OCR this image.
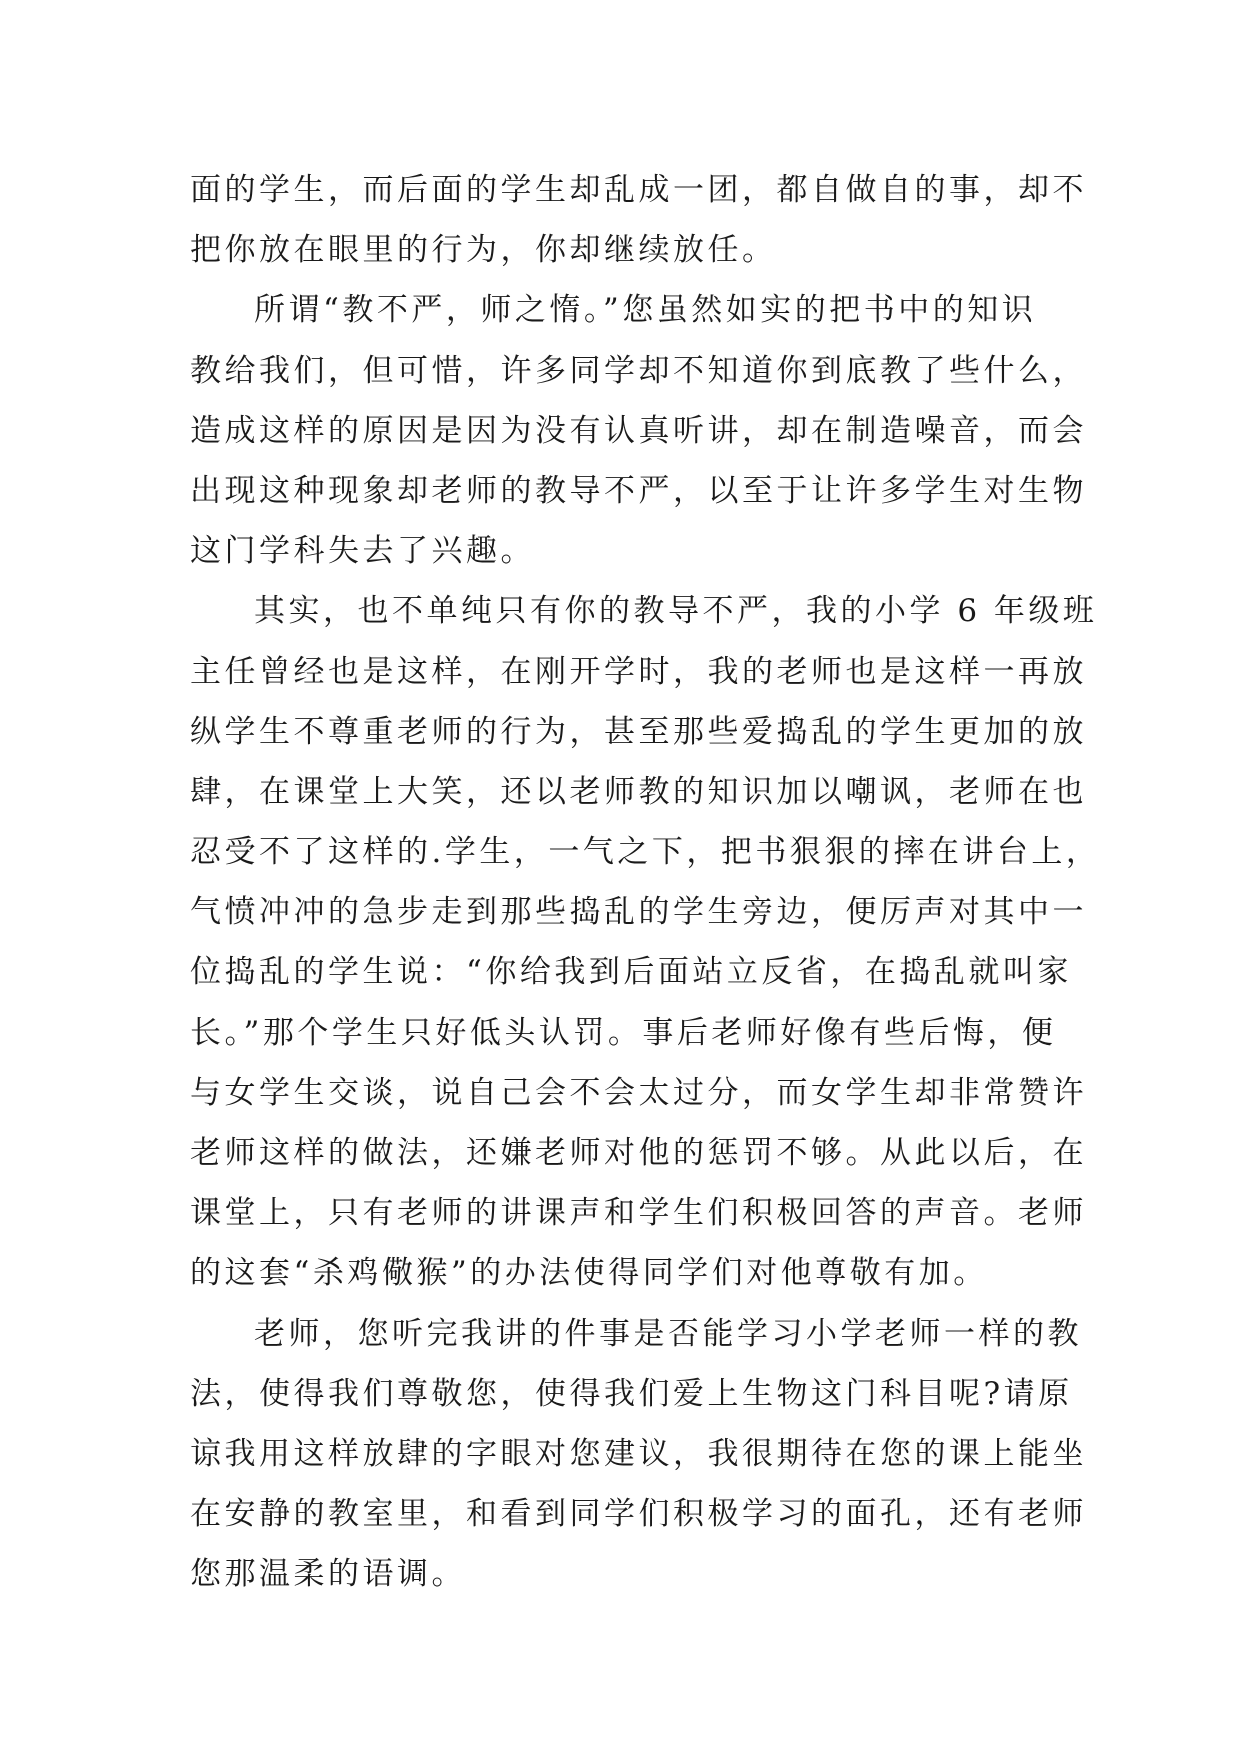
面的学生，而后面的学生却乱成一团，都自做自的事，却不
把你放在眼里的行为，你却继续放任。
所谓“教不严，师之惰。”您虽然如实的把书中的知识
教给我们，但可惜，许多同学却不知道你到底教了些什么，
造成这样的原因是因为没有认真听讲，却在制造噪音，而会
出现这种现象却老师的教导不严，以至于让许多学生对生物
这门学科失去了兴趣。
其实，也不单纯只有你的教导不严，我的小学 6 年级班
主任曾经也是这样，在刚开学时，我的老师也是这样一再放
纵学生不尊重老师的行为，甚至那些爱捣乱的学生更加的放
肆，在课堂上大笑，还以老师教的知识加以嘲讽，老师在也
忍受不了这样的.学生，一气之下，把书狠狠的摔在讲台上，
气愤冲冲的急步走到那些捣乱的学生旁边，便厉声对其中一
位捣乱的学生说：“你给我到后面站立反省，在捣乱就叫家
长。”那个学生只好低头认罚。事后老师好像有些后悔，便
与女学生交谈，说自己会不会太过分，而女学生却非常赞许
老师这样的做法，还嫌老师对他的惩罚不够。从此以后，在
课堂上，只有老师的讲课声和学生们积极回答的声音。老师
的这套“杀鸡儆猴”的办法使得同学们对他尊敬有加。
老师，您听完我讲的件事是否能学习小学老师一样的教
法，使得我们尊敬您，使得我们爱上生物这门科目呢?请原
谅我用这样放肆的字眼对您建议，我很期待在您的课上能坐
在安静的教室里，和看到同学们积极学习的面孔，还有老师
您那温柔的语调。
